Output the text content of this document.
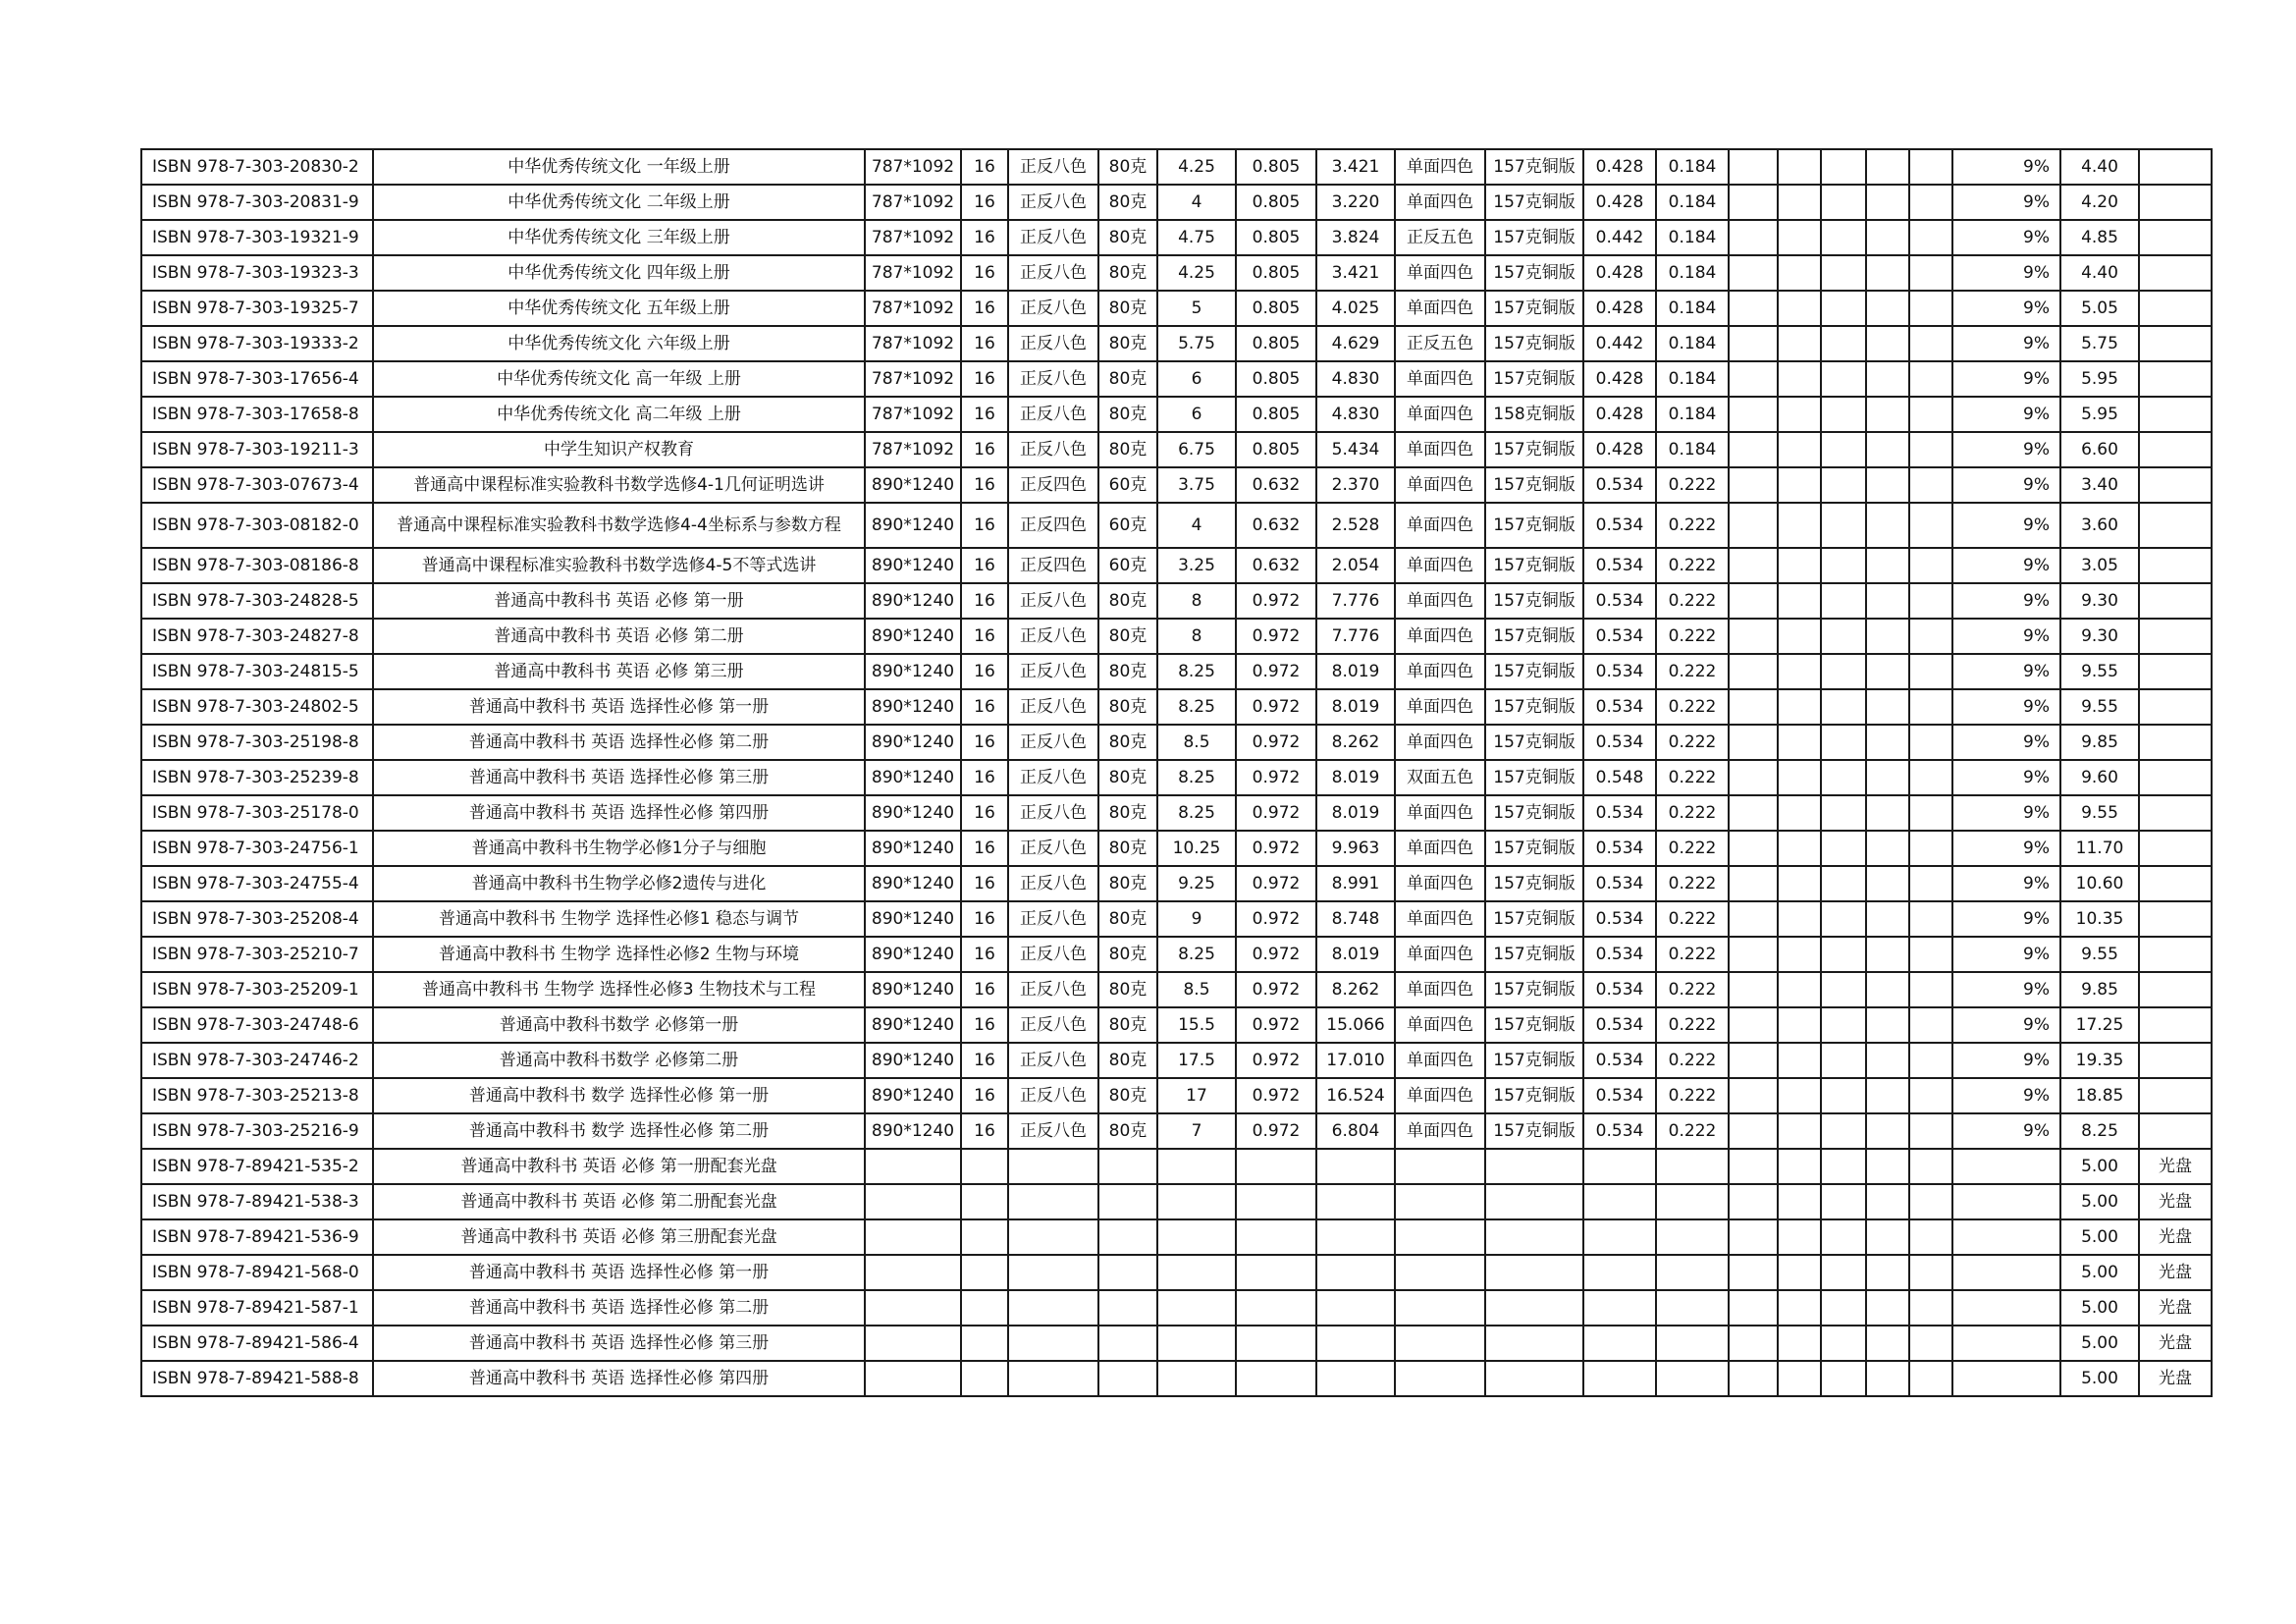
ISBN 978-7-303-20830-2	中华优秀传统文化 一年级上册	787*1092	16	正反八色	80克	4.25	0.805	3.421	单面四色	157克铜版	0.428	0.184						9%	4.40	
ISBN 978-7-303-20831-9	中华优秀传统文化 二年级上册	787*1092	16	正反八色	80克	4	0.805	3.220	单面四色	157克铜版	0.428	0.184						9%	4.20	
ISBN 978-7-303-19321-9	中华优秀传统文化 三年级上册	787*1092	16	正反八色	80克	4.75	0.805	3.824	正反五色	157克铜版	0.442	0.184						9%	4.85	
ISBN 978-7-303-19323-3	中华优秀传统文化 四年级上册	787*1092	16	正反八色	80克	4.25	0.805	3.421	单面四色	157克铜版	0.428	0.184						9%	4.40	
ISBN 978-7-303-19325-7	中华优秀传统文化 五年级上册	787*1092	16	正反八色	80克	5	0.805	4.025	单面四色	157克铜版	0.428	0.184						9%	5.05	
ISBN 978-7-303-19333-2	中华优秀传统文化 六年级上册	787*1092	16	正反八色	80克	5.75	0.805	4.629	正反五色	157克铜版	0.442	0.184						9%	5.75	
ISBN 978-7-303-17656-4	中华优秀传统文化 高一年级 上册	787*1092	16	正反八色	80克	6	0.805	4.830	单面四色	157克铜版	0.428	0.184						9%	5.95	
ISBN 978-7-303-17658-8	中华优秀传统文化 高二年级 上册	787*1092	16	正反八色	80克	6	0.805	4.830	单面四色	158克铜版	0.428	0.184						9%	5.95	
ISBN 978-7-303-19211-3	中学生知识产权教育	787*1092	16	正反八色	80克	6.75	0.805	5.434	单面四色	157克铜版	0.428	0.184						9%	6.60	
ISBN 978-7-303-07673-4	普通高中课程标准实验教科书数学选修4-1几何证明选讲	890*1240	16	正反四色	60克	3.75	0.632	2.370	单面四色	157克铜版	0.534	0.222						9%	3.40	
ISBN 978-7-303-08182-0	普通高中课程标准实验教科书数学选修4-4坐标系与参数方程	890*1240	16	正反四色	60克	4	0.632	2.528	单面四色	157克铜版	0.534	0.222						9%	3.60	
ISBN 978-7-303-08186-8	普通高中课程标准实验教科书数学选修4-5不等式选讲	890*1240	16	正反四色	60克	3.25	0.632	2.054	单面四色	157克铜版	0.534	0.222						9%	3.05	
ISBN 978-7-303-24828-5	普通高中教科书 英语 必修 第一册	890*1240	16	正反八色	80克	8	0.972	7.776	单面四色	157克铜版	0.534	0.222						9%	9.30	
ISBN 978-7-303-24827-8	普通高中教科书 英语 必修 第二册	890*1240	16	正反八色	80克	8	0.972	7.776	单面四色	157克铜版	0.534	0.222						9%	9.30	
ISBN 978-7-303-24815-5	普通高中教科书 英语 必修 第三册	890*1240	16	正反八色	80克	8.25	0.972	8.019	单面四色	157克铜版	0.534	0.222						9%	9.55	
ISBN 978-7-303-24802-5	普通高中教科书 英语 选择性必修 第一册	890*1240	16	正反八色	80克	8.25	0.972	8.019	单面四色	157克铜版	0.534	0.222						9%	9.55	
ISBN 978-7-303-25198-8	普通高中教科书 英语 选择性必修 第二册	890*1240	16	正反八色	80克	8.5	0.972	8.262	单面四色	157克铜版	0.534	0.222						9%	9.85	
ISBN 978-7-303-25239-8	普通高中教科书 英语 选择性必修 第三册	890*1240	16	正反八色	80克	8.25	0.972	8.019	双面五色	157克铜版	0.548	0.222						9%	9.60	
ISBN 978-7-303-25178-0	普通高中教科书 英语 选择性必修 第四册	890*1240	16	正反八色	80克	8.25	0.972	8.019	单面四色	157克铜版	0.534	0.222						9%	9.55	
ISBN 978-7-303-24756-1	普通高中教科书生物学必修1分子与细胞	890*1240	16	正反八色	80克	10.25	0.972	9.963	单面四色	157克铜版	0.534	0.222						9%	11.70	
ISBN 978-7-303-24755-4	普通高中教科书生物学必修2遗传与进化	890*1240	16	正反八色	80克	9.25	0.972	8.991	单面四色	157克铜版	0.534	0.222						9%	10.60	
ISBN 978-7-303-25208-4	普通高中教科书 生物学 选择性必修1 稳态与调节	890*1240	16	正反八色	80克	9	0.972	8.748	单面四色	157克铜版	0.534	0.222						9%	10.35	
ISBN 978-7-303-25210-7	普通高中教科书 生物学 选择性必修2 生物与环境	890*1240	16	正反八色	80克	8.25	0.972	8.019	单面四色	157克铜版	0.534	0.222						9%	9.55	
ISBN 978-7-303-25209-1	普通高中教科书 生物学 选择性必修3 生物技术与工程	890*1240	16	正反八色	80克	8.5	0.972	8.262	单面四色	157克铜版	0.534	0.222						9%	9.85	
ISBN 978-7-303-24748-6	普通高中教科书数学 必修第一册	890*1240	16	正反八色	80克	15.5	0.972	15.066	单面四色	157克铜版	0.534	0.222						9%	17.25	
ISBN 978-7-303-24746-2	普通高中教科书数学 必修第二册	890*1240	16	正反八色	80克	17.5	0.972	17.010	单面四色	157克铜版	0.534	0.222						9%	19.35	
ISBN 978-7-303-25213-8	普通高中教科书 数学 选择性必修 第一册	890*1240	16	正反八色	80克	17	0.972	16.524	单面四色	157克铜版	0.534	0.222						9%	18.85	
ISBN 978-7-303-25216-9	普通高中教科书 数学 选择性必修 第二册	890*1240	16	正反八色	80克	7	0.972	6.804	单面四色	157克铜版	0.534	0.222						9%	8.25	
ISBN 978-7-89421-535-2	普通高中教科书 英语 必修 第一册配套光盘																		5.00	光盘
ISBN 978-7-89421-538-3	普通高中教科书 英语 必修 第二册配套光盘																		5.00	光盘
ISBN 978-7-89421-536-9	普通高中教科书 英语 必修 第三册配套光盘																		5.00	光盘
ISBN 978-7-89421-568-0	普通高中教科书 英语 选择性必修 第一册																		5.00	光盘
ISBN 978-7-89421-587-1	普通高中教科书 英语 选择性必修 第二册																		5.00	光盘
ISBN 978-7-89421-586-4	普通高中教科书 英语 选择性必修 第三册																		5.00	光盘
ISBN 978-7-89421-588-8	普通高中教科书 英语 选择性必修 第四册																		5.00	光盘
